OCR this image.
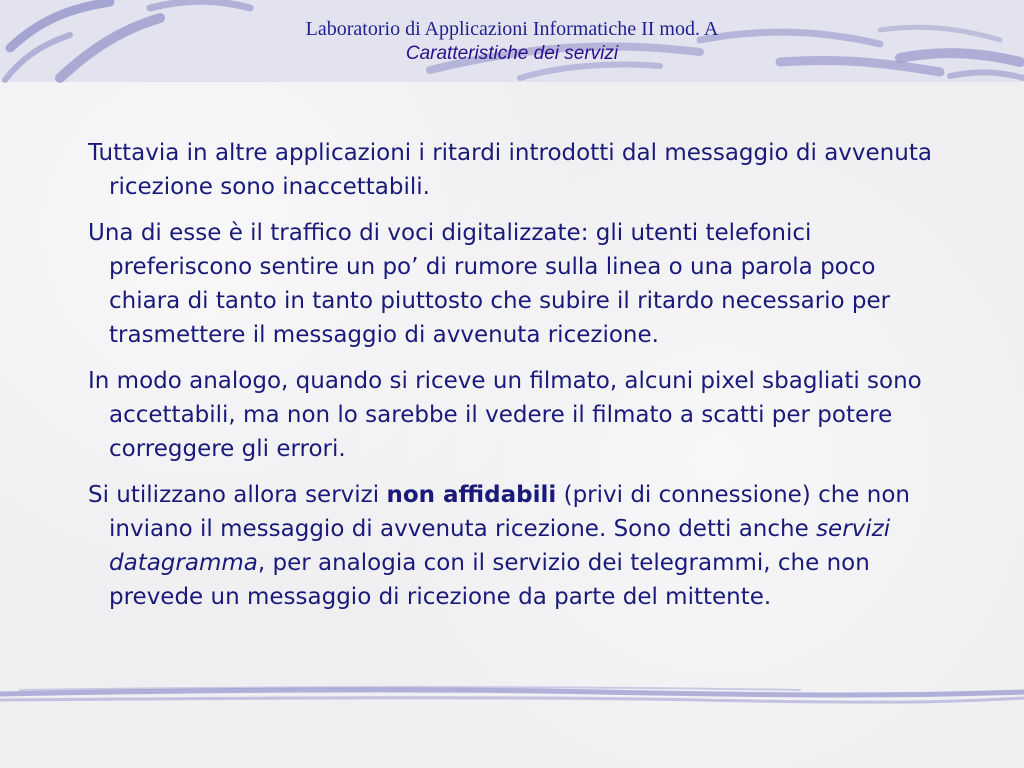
Laboratorio di Applicazioni Informatiche II mod. A
Caratteristiche dei servizi

Tuttavia in altre applicazioni i ritardi introdotti dal messaggio di avvenuta ricezione sono inaccettabili.

Una di esse è il traffico di voci digitalizzate: gli utenti telefonici preferiscono sentire un po’ di rumore sulla linea o una parola poco chiara di tanto in tanto piuttosto che subire il ritardo necessario per trasmettere il messaggio di avvenuta ricezione.

In modo analogo, quando si riceve un filmato, alcuni pixel sbagliati sono accettabili, ma non lo sarebbe il vedere il filmato a scatti per potere correggere gli errori.

Si utilizzano allora servizi non affidabili (privi di connessione) che non inviano il messaggio di avvenuta ricezione. Sono detti anche servizi datagramma, per analogia con il servizio dei telegrammi, che non prevede un messaggio di ricezione da parte del mittente.
